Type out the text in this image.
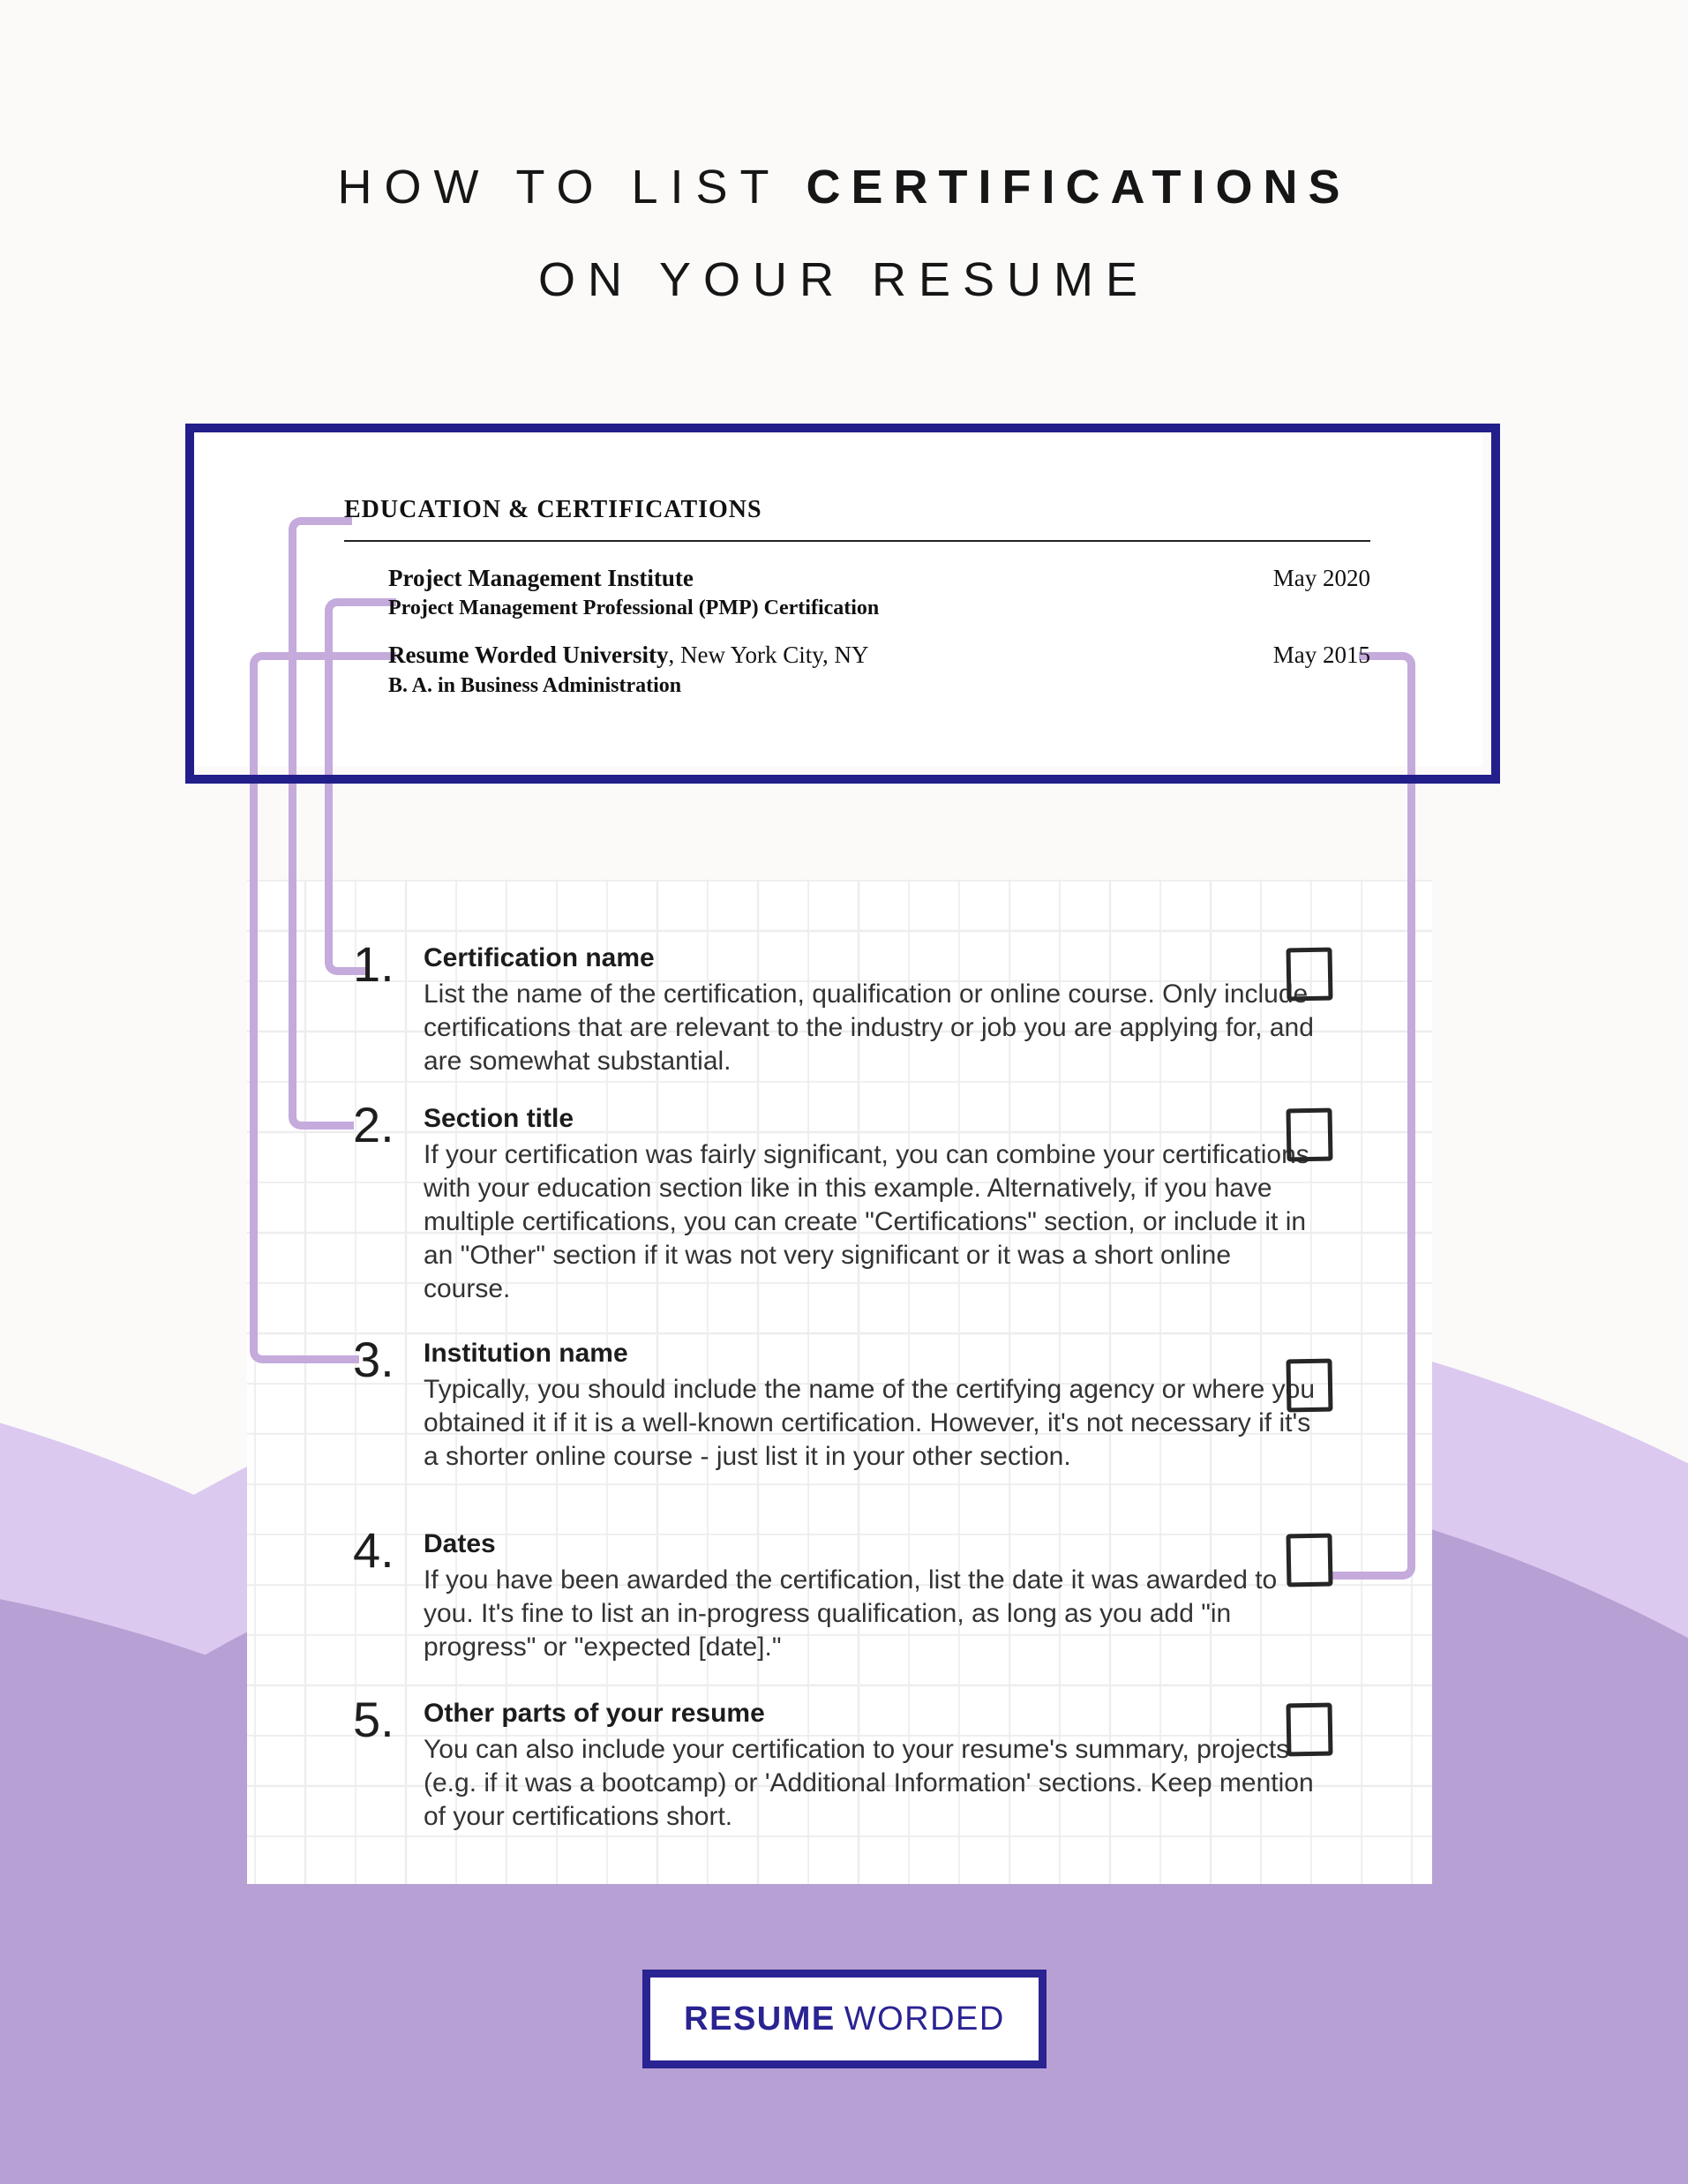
HOW TO LIST CERTIFICATIONS
ON YOUR RESUME
EDUCATION & CERTIFICATIONS
Project Management Institute	May 2020
Project Management Professional (PMP) Certification
Resume Worded University, New York City, NY	May 2015
B. A. in Business Administration
1. Certification name
List the name of the certification, qualification or online course. Only include certifications that are relevant to the industry or job you are applying for, and are somewhat substantial.
2. Section title
If your certification was fairly significant, you can combine your certifications with your education section like in this example. Alternatively, if you have multiple certifications, you can create "Certifications" section, or include it in an "Other" section if it was not very significant or it was a short online course.
3. Institution name
Typically, you should include the name of the certifying agency or where you obtained it if it is a well-known certification. However, it's not necessary if it's a shorter online course - just list it in your other section.
4. Dates
If you have been awarded the certification, list the date it was awarded to you. It's fine to list an in-progress qualification, as long as you add "in progress" or "expected [date]."
5. Other parts of your resume
You can also include your certification to your resume's summary, projects (e.g. if it was a bootcamp) or 'Additional Information' sections. Keep mention of your certifications short.
RESUME WORDED
